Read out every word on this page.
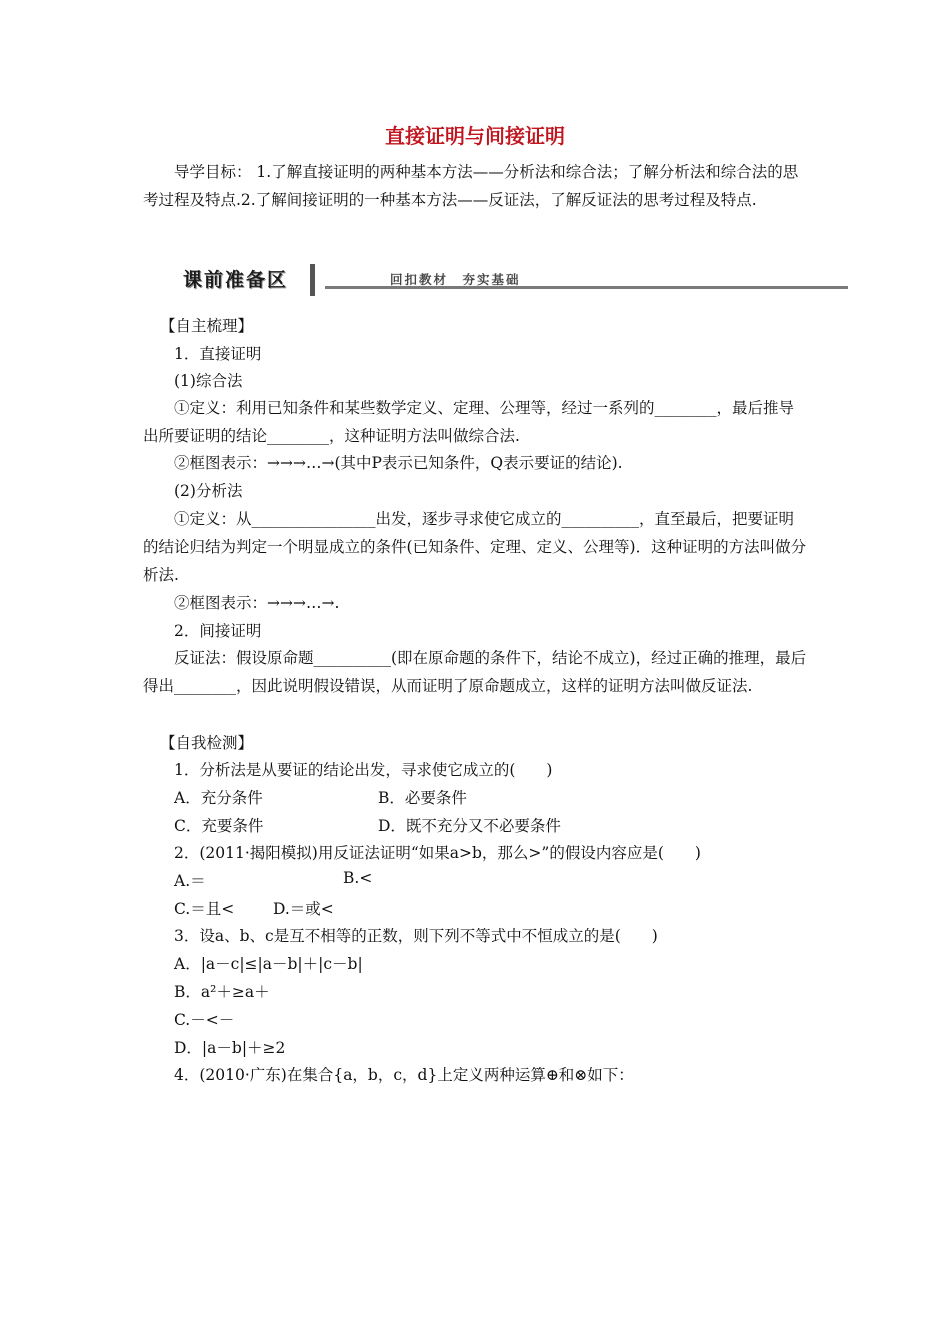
直接证明与间接证明
导学目标： 1.了解直接证明的两种基本方法——分析法和综合法；了解分析法和综合法的思考过程及特点.2.了解间接证明的一种基本方法——反证法，了解反证法的思考过程及特点.
课前准备区	回扣教材　夯实基础
【自主梳理】
1．直接证明
(1)综合法
①定义：利用已知条件和某些数学定义、定理、公理等，经过一系列的________，最后推导出所要证明的结论________，这种证明方法叫做综合法.
②框图表示：→→→…→(其中P表示已知条件，Q表示要证的结论).
(2)分析法
①定义：从________________出发，逐步寻求使它成立的__________，直至最后，把要证明的结论归结为判定一个明显成立的条件(已知条件、定理、定义、公理等)．这种证明的方法叫做分析法.
②框图表示：→→→…→.
2．间接证明
反证法：假设原命题__________(即在原命题的条件下，结论不成立)，经过正确的推理，最后得出________，因此说明假设错误，从而证明了原命题成立，这样的证明方法叫做反证法.
【自我检测】
1．分析法是从要证的结论出发，寻求使它成立的(　　)
A．充分条件	B．必要条件
C．充要条件	D．既不充分又不必要条件
2．(2011·揭阳模拟)用反证法证明“如果a>b，那么>”的假设内容应是(　　)
A.＝	B.<
C.＝且<	D.＝或<
3．设a、b、c是互不相等的正数，则下列不等式中不恒成立的是(　　)
A．|a－c|≤|a－b|＋|c－b|
B．a²＋≥a＋
C.－<－
D．|a－b|＋≥2
4．(2010·广东)在集合{a，b，c，d}上定义两种运算⊕和⊗如下：
